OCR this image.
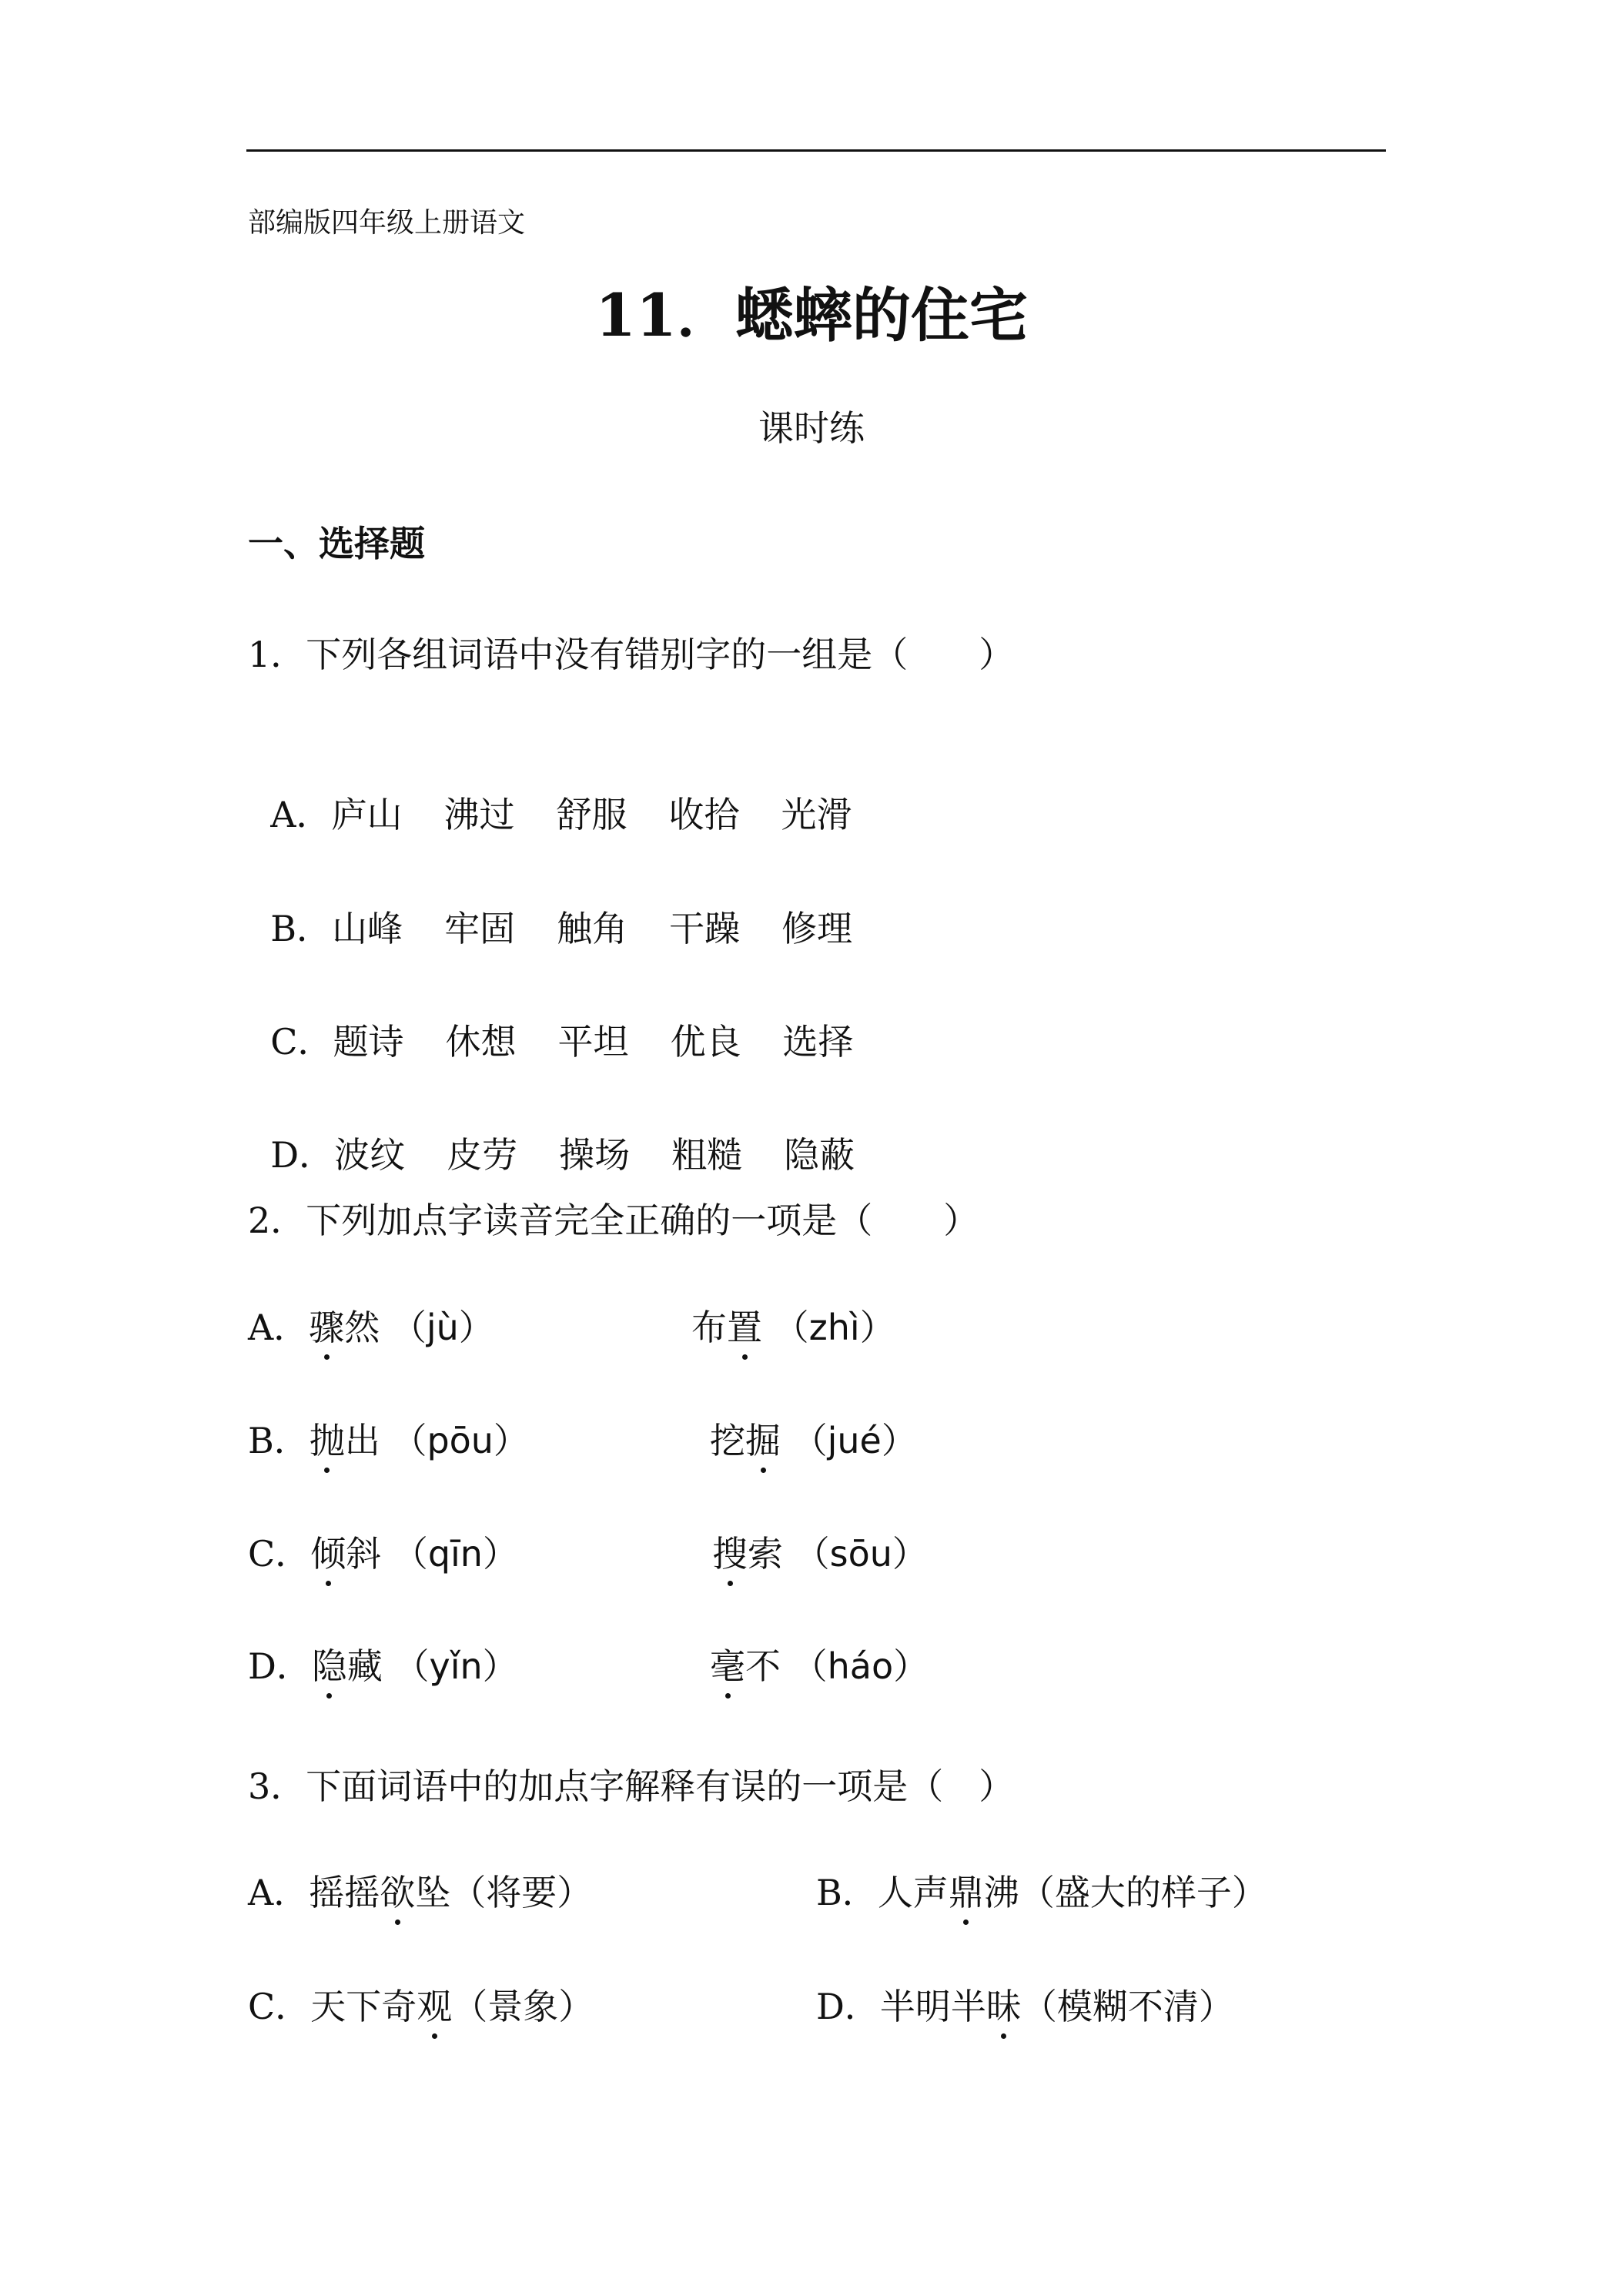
部编版四年级上册语文
11．蟋蟀的住宅
课时练
一、选择题
1．下列各组词语中没有错别字的一组是（　　）

A．庐山 沸过 舒服 收拾 光滑

B．山峰 牢固 触角 干躁 修理

C．题诗 休想 平坦 优良 选择

D．波纹 皮劳 操场 粗糙 隐蔽

2．下列加点字读音完全正确的一项是（　　）
A．骤然 （jù）	布置 （zhì）
B．抛出 （pōu）	挖掘 （jué）
C．倾斜 （qīn）	搜索 （sōu）
D．隐藏 （yǐn）	毫不 （háo）
3．下面词语中的加点字解释有误的一项是（　）
A．摇摇欲坠（将要）	B．人声鼎沸（盛大的样子）
C．天下奇观（景象）	D．半明半昧（模糊不清）
